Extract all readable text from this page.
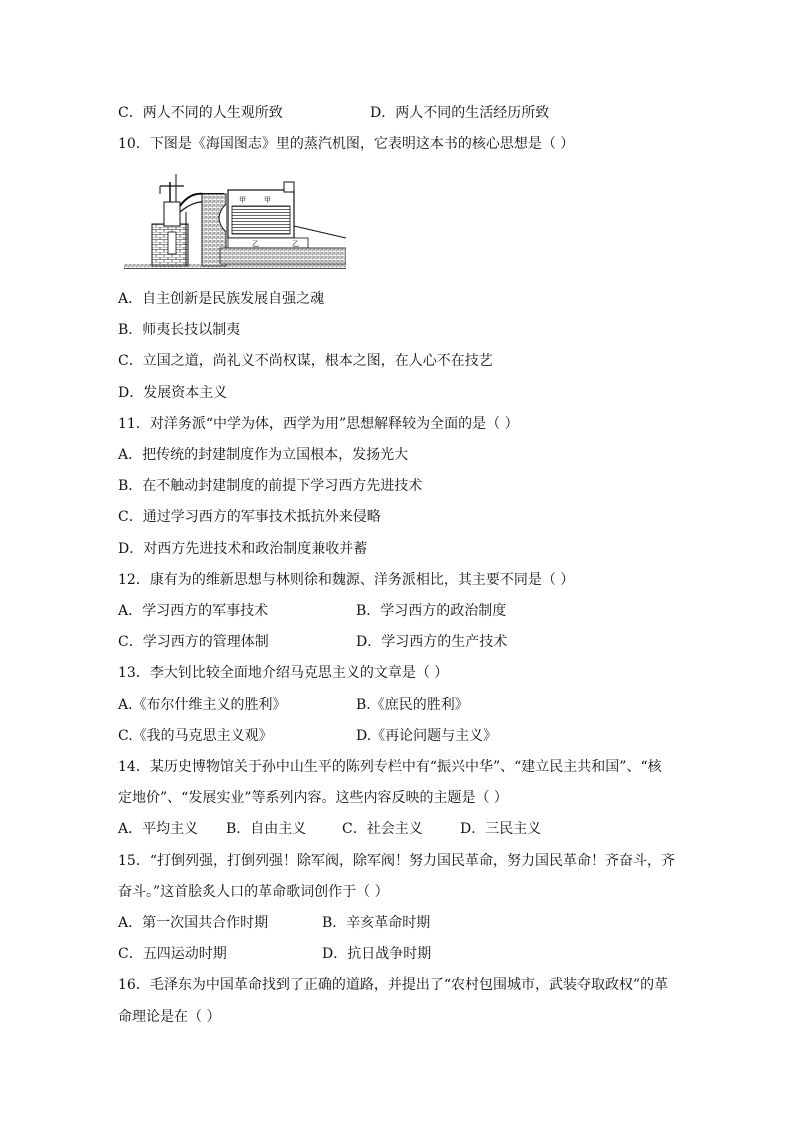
C．两人不同的人生观所致	D．两人不同的生活经历所致
10．下图是《海国图志》里的蒸汽机图，它表明这本书的核心思想是（ ）
甲	甲
乙	乙
A．自主创新是民族发展自强之魂
B．师夷长技以制夷
C．立国之道，尚礼义不尚权谋，根本之图，在人心不在技艺
D．发展资本主义
11．对洋务派“中学为体，西学为用”思想解释较为全面的是（ ）
A．把传统的封建制度作为立国根本，发扬光大
B．在不触动封建制度的前提下学习西方先进技术
C．通过学习西方的军事技术抵抗外来侵略
D．对西方先进技术和政治制度兼收并蓄
12．康有为的维新思想与林则徐和魏源、洋务派相比，其主要不同是（ ）
A．学习西方的军事技术	B．学习西方的政治制度
C．学习西方的管理体制	D．学习西方的生产技术
13．李大钊比较全面地介绍马克思主义的文章是（ ）
A.《布尔什维主义的胜利》	B.《庶民的胜利》
C.《我的马克思主义观》	D.《再论问题与主义》
14．某历史博物馆关于孙中山生平的陈列专栏中有“振兴中华”、“建立民主共和国”、“核
定地价”、“发展实业”等系列内容。这些内容反映的主题是（ ）
A．平均主义 B．自由主义	C．社会主义	D．三民主义
15．“打倒列强，打倒列强！除军阀，除军阀！努力国民革命，努力国民革命！齐奋斗，齐
奋斗。”这首脍炙人口的革命歌词创作于（ ）
A．第一次国共合作时期	B．辛亥革命时期
C．五四运动时期	D．抗日战争时期
16．毛泽东为中国革命找到了正确的道路，并提出了“农村包围城市，武装夺取政权”的革
命理论是在（ ）
